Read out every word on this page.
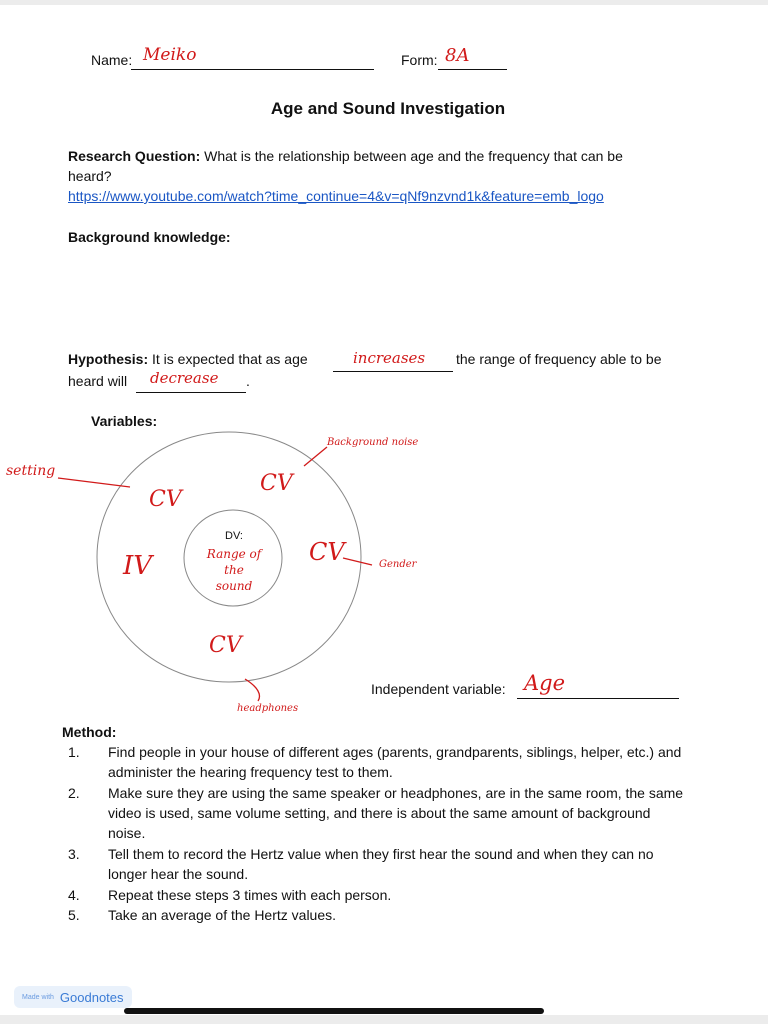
Name: Meiko	Form: 8A
Age and Sound Investigation
Research Question: What is the relationship between age and the frequency that can be
heard?
https://www.youtube.com/watch?time_continue=4&v=qNf9nzvnd1k&feature=emb_logo
Background knowledge:
Hypothesis: It is expected that as age	increases the range of frequency able to be
heard will decrease .
Variables:
setting
Background noise
Gender
headphones
CV
CV
CV
CV
IV
DV:
Range of
the
sound
Independent variable: Age
Method:
1. Find people in your house of different ages (parents, grandparents, siblings, helper, etc.) and administer the hearing frequency test to them.
2. Make sure they are using the same speaker or headphones, are in the same room, the same video is used, same volume setting, and there is about the same amount of background noise.
3. Tell them to record the Hertz value when they first hear the sound and when they can no longer hear the sound.
4. Repeat these steps 3 times with each person.
5. Take an average of the Hertz values.
Made with Goodnotes
